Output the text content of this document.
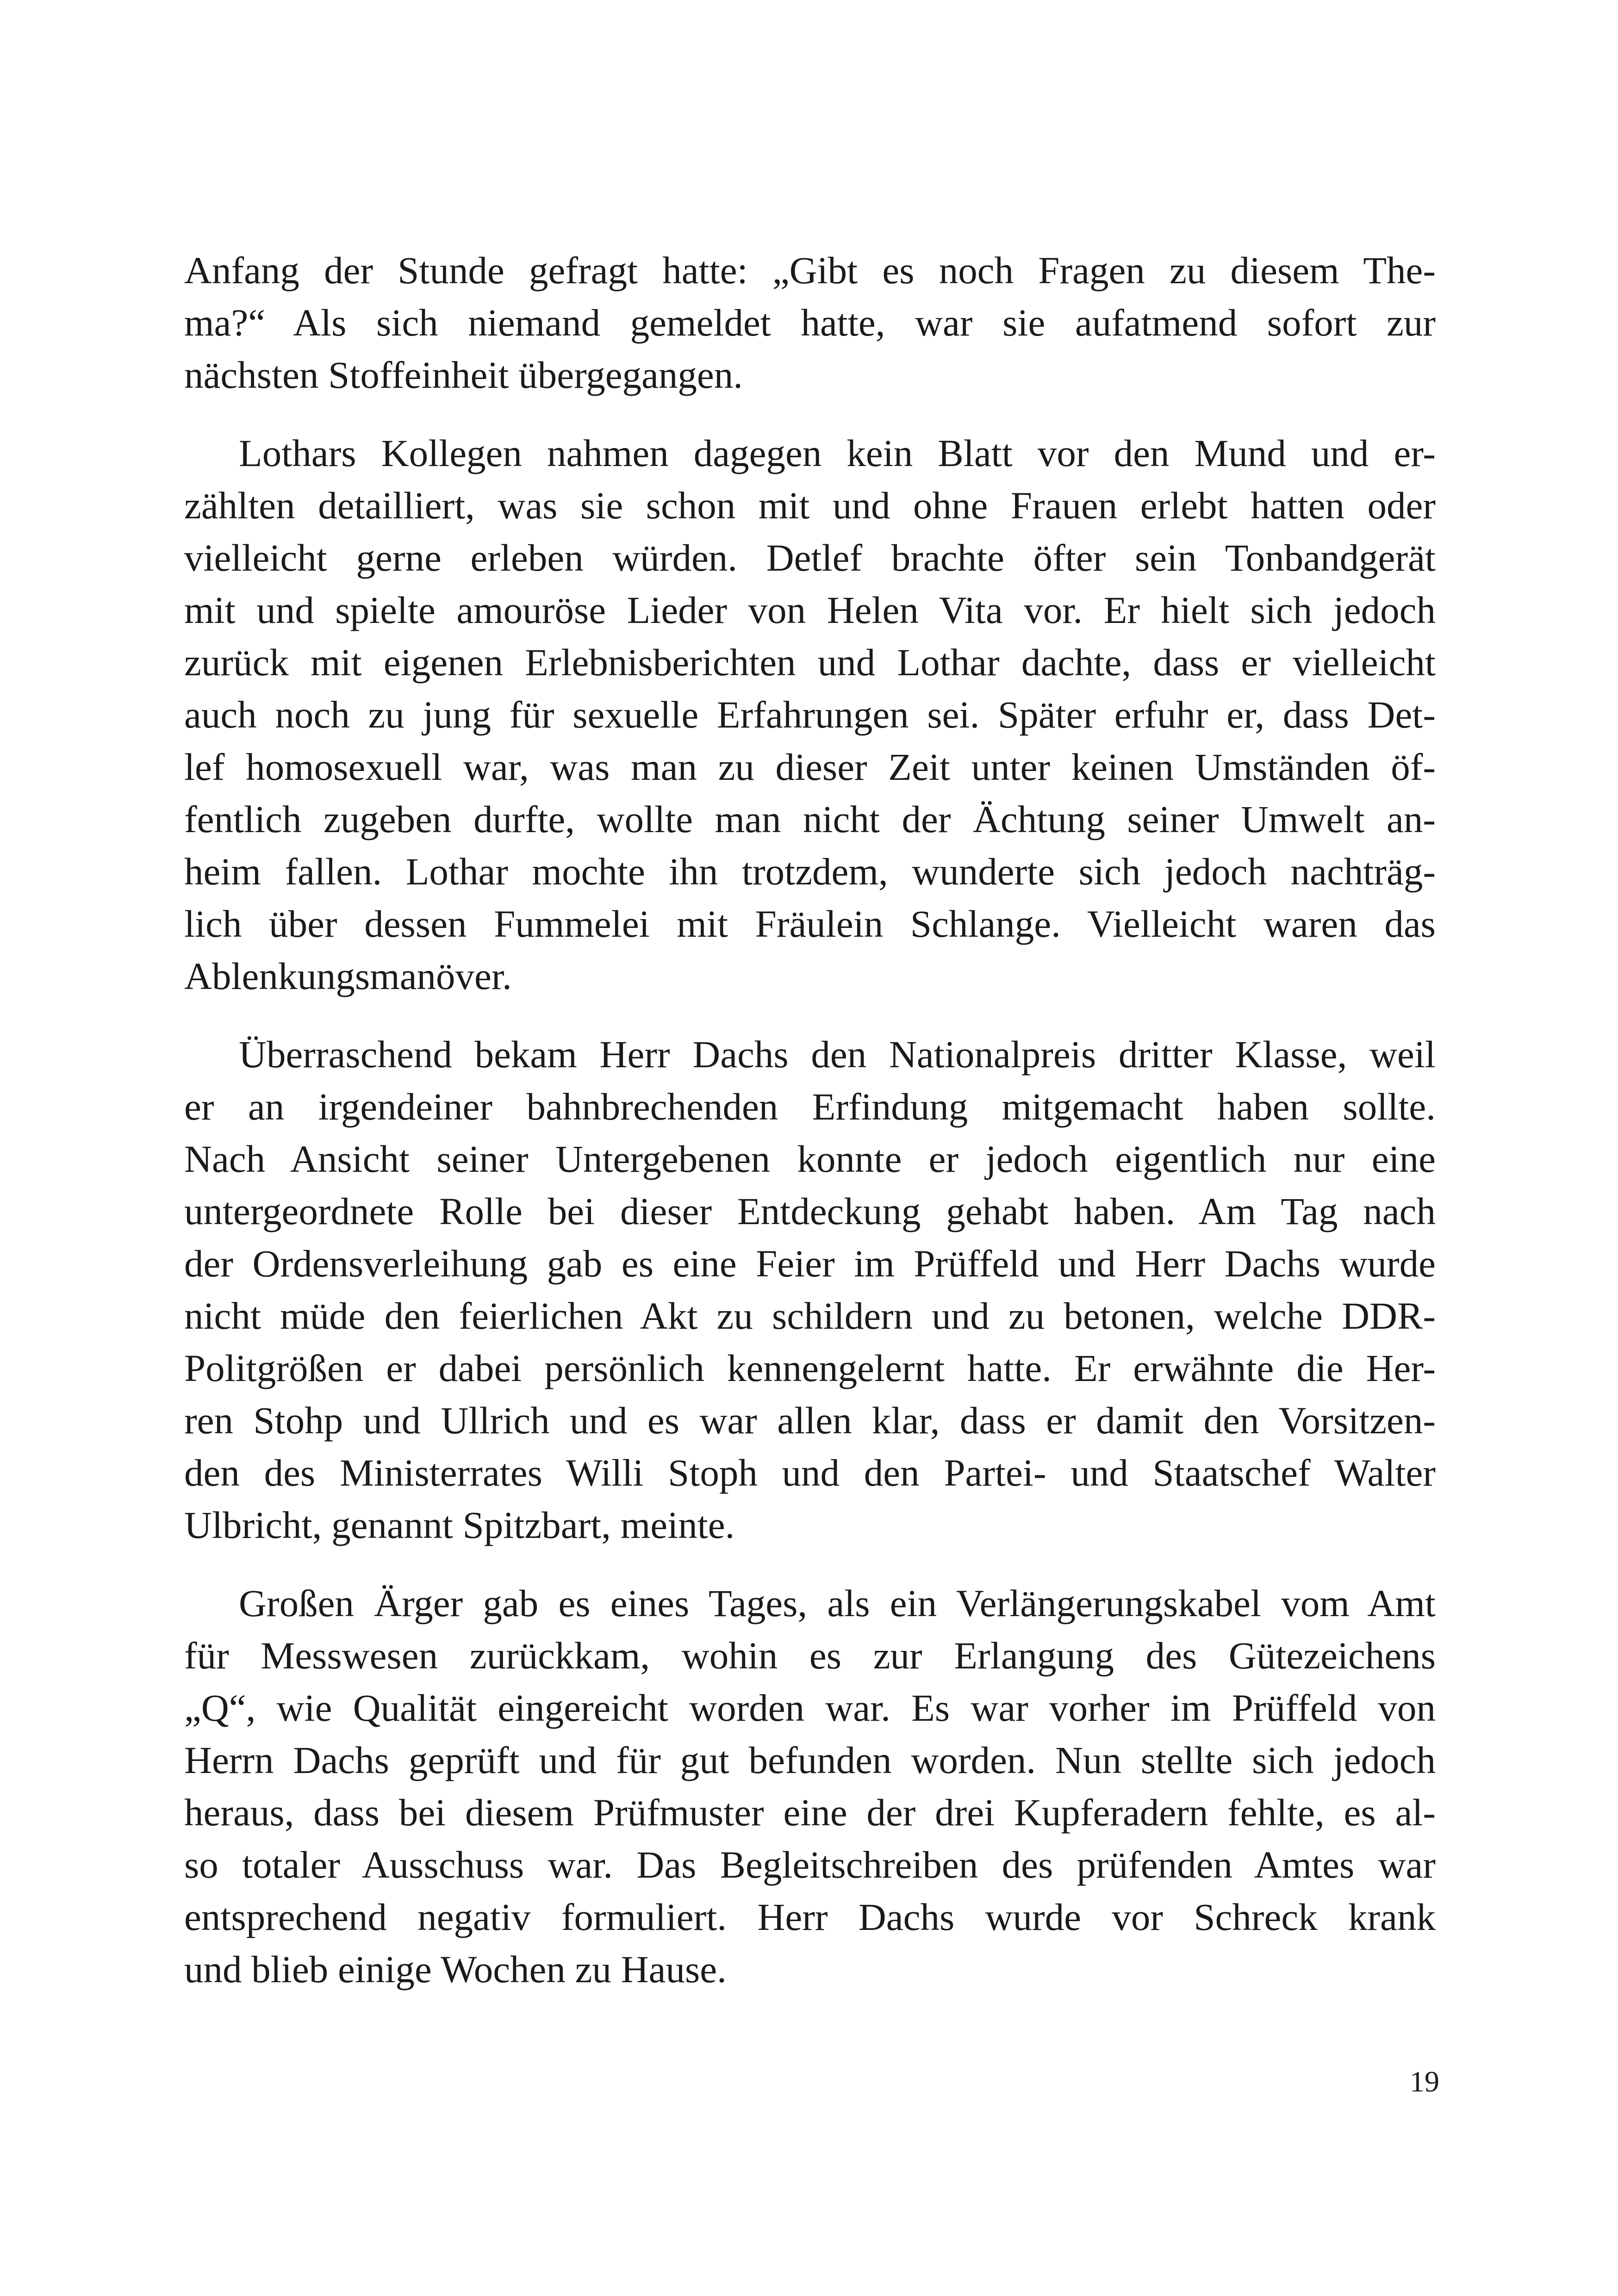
Anfang der Stunde gefragt hatte: „Gibt es noch Fragen zu diesem The-
ma?“ Als sich niemand gemeldet hatte, war sie aufatmend sofort zur
nächsten Stoffeinheit übergegangen.

Lothars Kollegen nahmen dagegen kein Blatt vor den Mund und er-
zählten detailliert, was sie schon mit und ohne Frauen erlebt hatten oder
vielleicht gerne erleben würden. Detlef brachte öfter sein Tonbandgerät
mit und spielte amouröse Lieder von Helen Vita vor. Er hielt sich jedoch
zurück mit eigenen Erlebnisberichten und Lothar dachte, dass er vielleicht
auch noch zu jung für sexuelle Erfahrungen sei. Später erfuhr er, dass Det-
lef homosexuell war, was man zu dieser Zeit unter keinen Umständen öf-
fentlich zugeben durfte, wollte man nicht der Ächtung seiner Umwelt an-
heim fallen. Lothar mochte ihn trotzdem, wunderte sich jedoch nachträg-
lich über dessen Fummelei mit Fräulein Schlange. Vielleicht waren das
Ablenkungsmanöver.

Überraschend bekam Herr Dachs den Nationalpreis dritter Klasse, weil
er an irgendeiner bahnbrechenden Erfindung mitgemacht haben sollte.
Nach Ansicht seiner Untergebenen konnte er jedoch eigentlich nur eine
untergeordnete Rolle bei dieser Entdeckung gehabt haben. Am Tag nach
der Ordensverleihung gab es eine Feier im Prüffeld und Herr Dachs wurde
nicht müde den feierlichen Akt zu schildern und zu betonen, welche DDR-
Politgrößen er dabei persönlich kennengelernt hatte. Er erwähnte die Her-
ren Stohp und Ullrich und es war allen klar, dass er damit den Vorsitzen-
den des Ministerrates Willi Stoph und den Partei- und Staatschef Walter
Ulbricht, genannt Spitzbart, meinte.

Großen Ärger gab es eines Tages, als ein Verlängerungskabel vom Amt
für Messwesen zurückkam, wohin es zur Erlangung des Gütezeichens
„Q“, wie Qualität eingereicht worden war. Es war vorher im Prüffeld von
Herrn Dachs geprüft und für gut befunden worden. Nun stellte sich jedoch
heraus, dass bei diesem Prüfmuster eine der drei Kupferadern fehlte, es al-
so totaler Ausschuss war. Das Begleitschreiben des prüfenden Amtes war
entsprechend negativ formuliert. Herr Dachs wurde vor Schreck krank
und blieb einige Wochen zu Hause.

19
